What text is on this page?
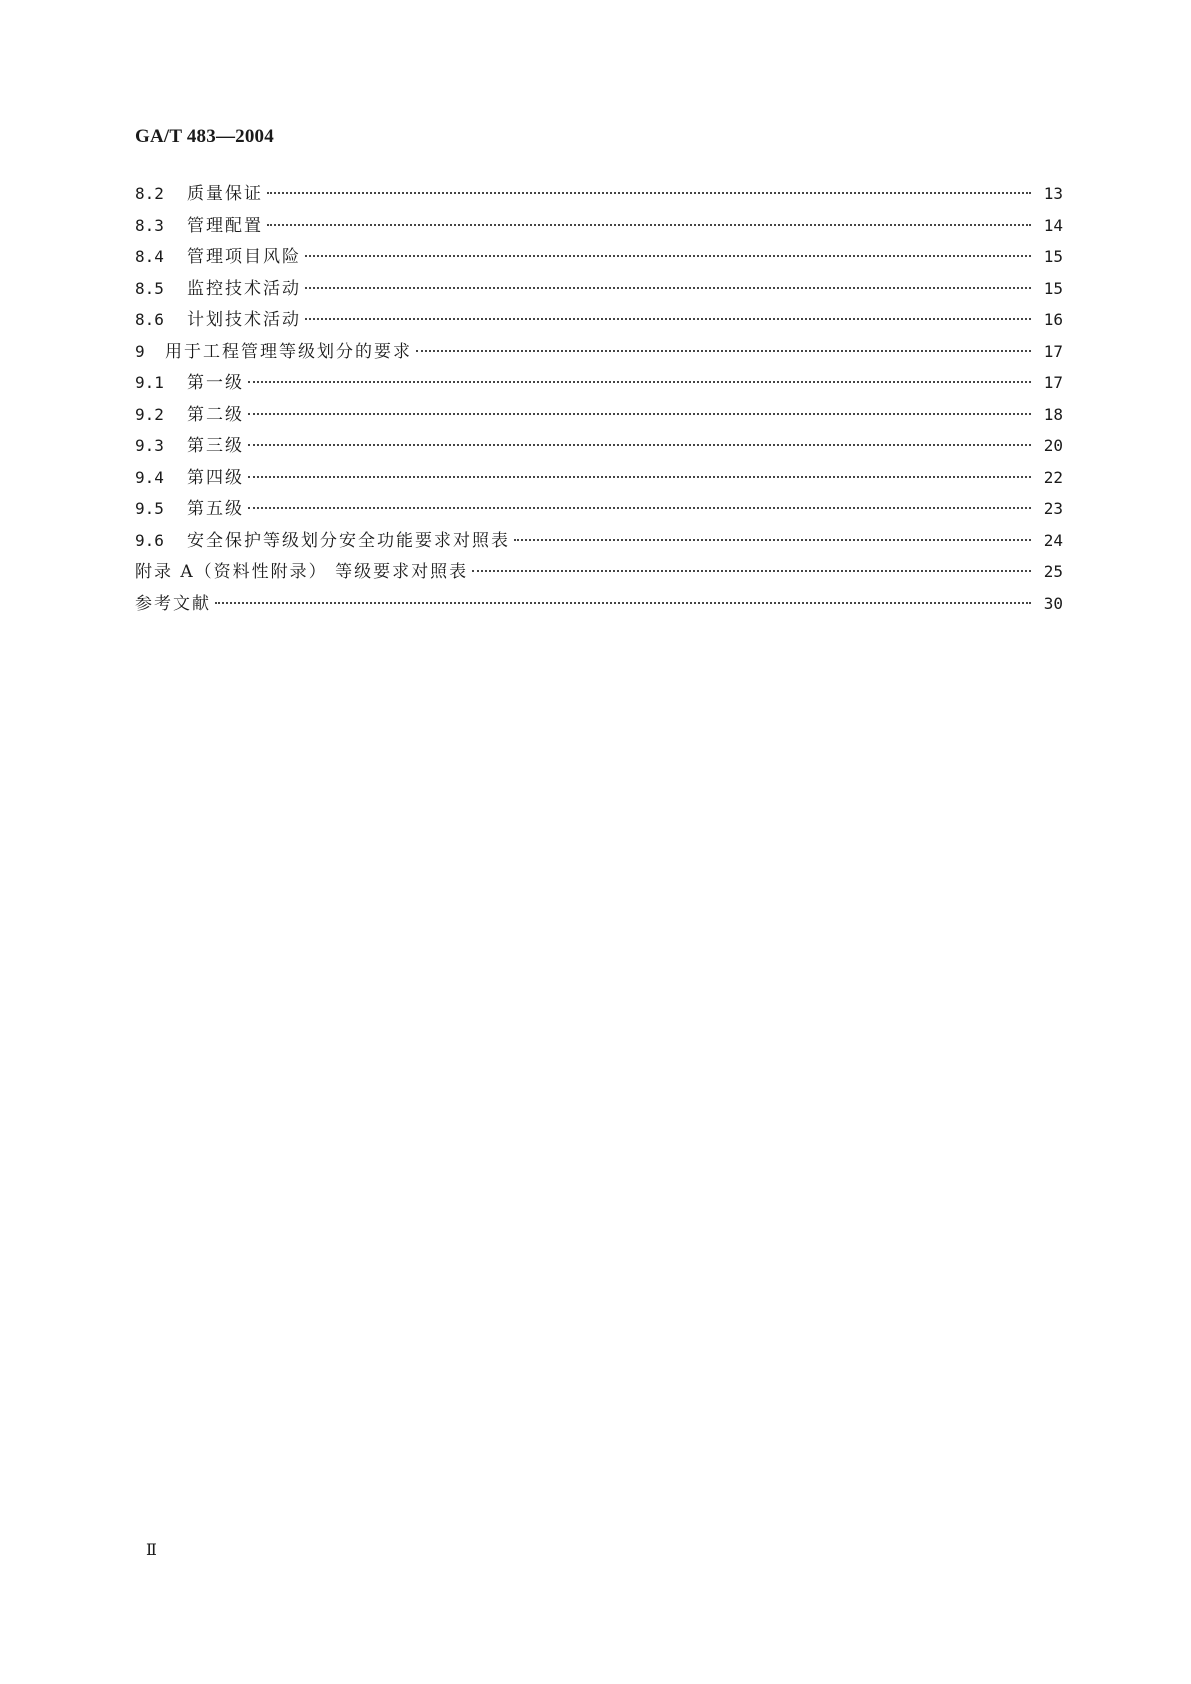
GA/T 483—2004
8.2 质量保证	13
8.3 管理配置	14
8.4 管理项目风险	15
8.5 监控技术活动	15
8.6 计划技术活动	16
9 用于工程管理等级划分的要求	17
9.1 第一级	17
9.2 第二级	18
9.3 第三级	20
9.4 第四级	22
9.5 第五级	23
9.6 安全保护等级划分安全功能要求对照表	24
附录 A（资料性附录） 等级要求对照表	25
参考文献	30
Ⅱ
